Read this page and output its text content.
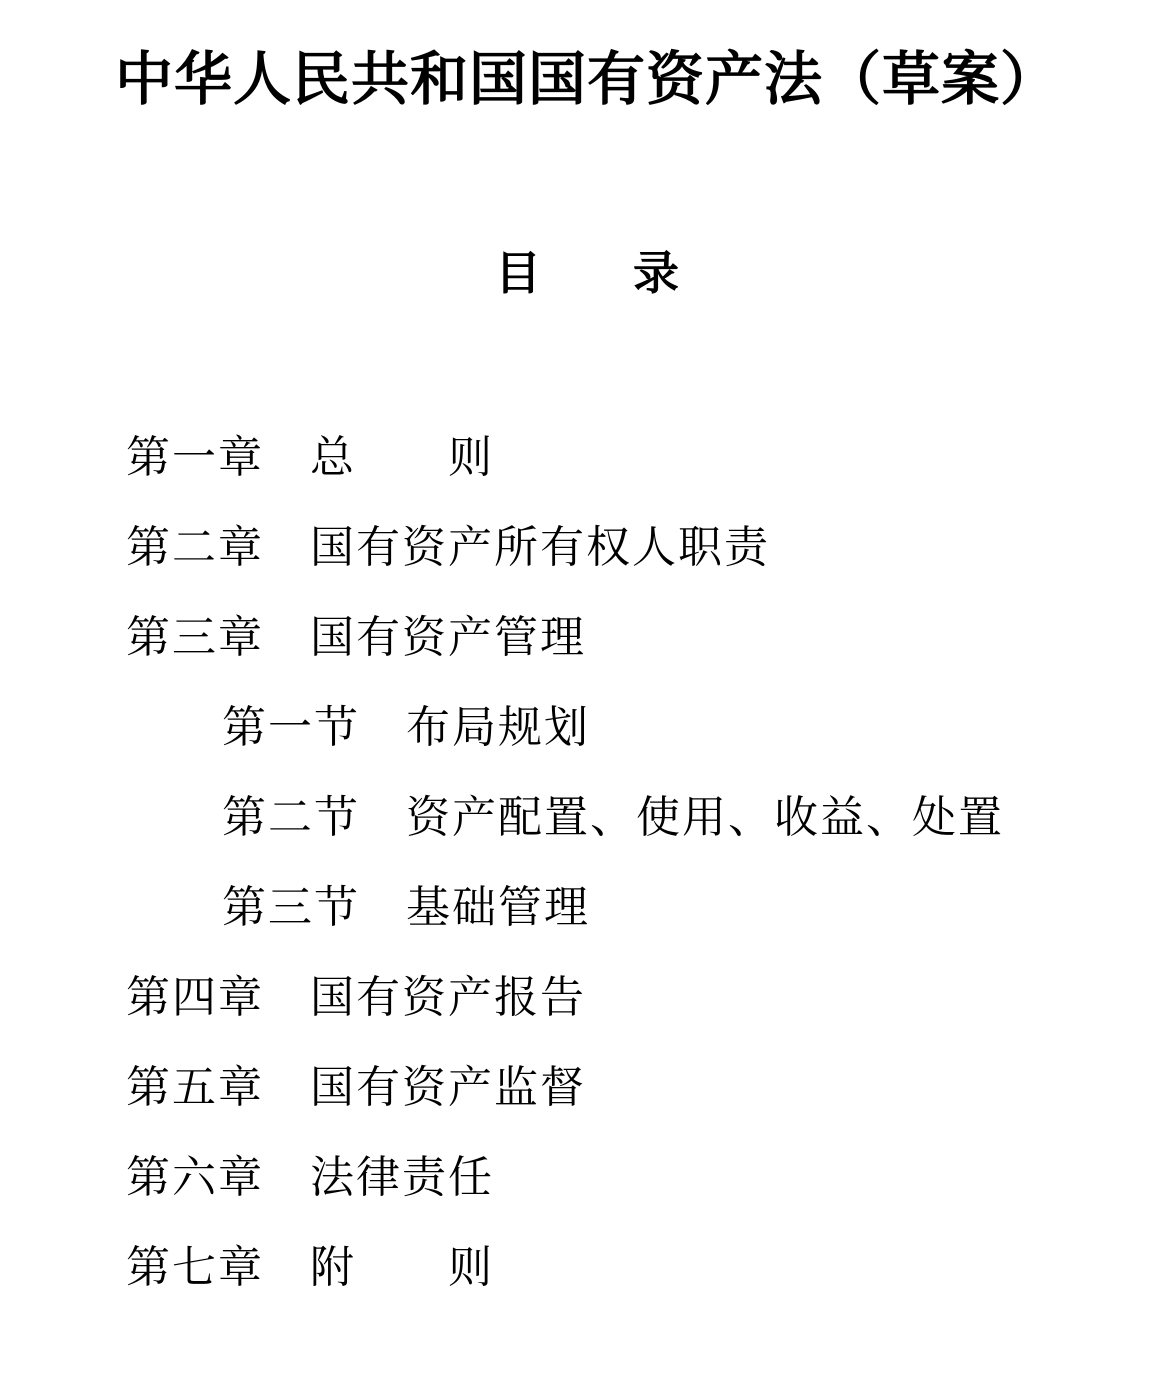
中华人民共和国国有资产法（草案）
目　　录
第一章　总　　则
第二章　国有资产所有权人职责
第三章　国有资产管理
第一节　布局规划
第二节　资产配置、使用、收益、处置
第三节　基础管理
第四章　国有资产报告
第五章　国有资产监督
第六章　法律责任
第七章　附　　则
